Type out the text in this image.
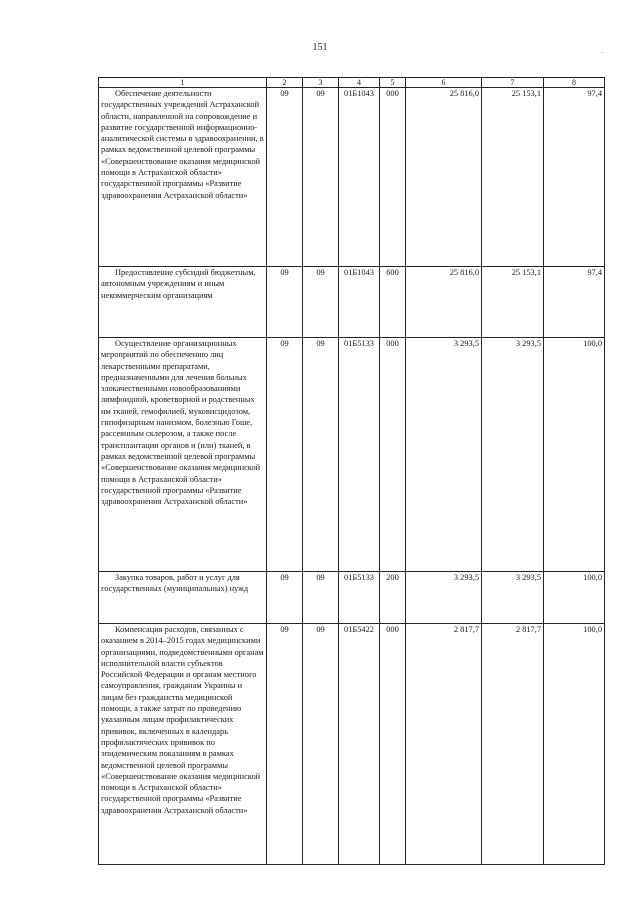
151	.
1	2	3	4	5	6	7	8
Обеспечение деятельности государственных учреждений Астраханской области, направленной на сопровождение и развитие государственной информационно-аналитической системы в здравоохранении, в рамках ведомственной целевой программы «Совершенствование оказания медицинской помощи в Астраханской области» государственной программы «Развитие здравоохранения Астраханской области»	09	09	01Б1043	000	25 816,0	25 153,1	97,4
Предоставление субсидий бюджетным, автономным учреждениям и иным некоммерческим организациям	09	09	01Б1043	600	25 816,0	25 153,1	97,4
Осуществление организационных мероприятий по обеспечению лиц лекарственными препаратами, предназначенными для лечения больных злокачественными новообразованиями лимфоидной, кроветворной и родственных им тканей, гемофилией, муковисцидозом, гипофизарным нанизмом, болезнью Гоше, рассеянным склерозом, а также после трансплантации органов и (или) тканей, в рамках ведомственной целевой программы «Совершенствование оказания медицинской помощи в Астраханской области» государственной программы «Развитие здравоохранения Астраханской области»	09	09	01Б5133	000	3 293,5	3 293,5	100,0
Закупка товаров, работ и услуг для государственных (муниципальных) нужд	09	09	01Б5133	200	3 293,5	3 293,5	100,0
Компенсация расходов, связанных с оказанием в 2014–2015 годах медицинскими организациями, подведомственными органам исполнительной власти субъектов Российской Федерации и органам местного самоуправления, гражданам Украины и лицам без гражданства медицинской помощи, а также затрат по проведению указанным лицам профилактических прививок, включенных в календарь профилактических прививок по эпидемическим показаниям в рамках ведомственной целевой программы «Совершенствование оказания медицинской помощи в Астраханской области» государственной программы «Развитие здравоохранения Астраханской области»	09	09	01Б5422	000	2 817,7	2 817,7	100,0
